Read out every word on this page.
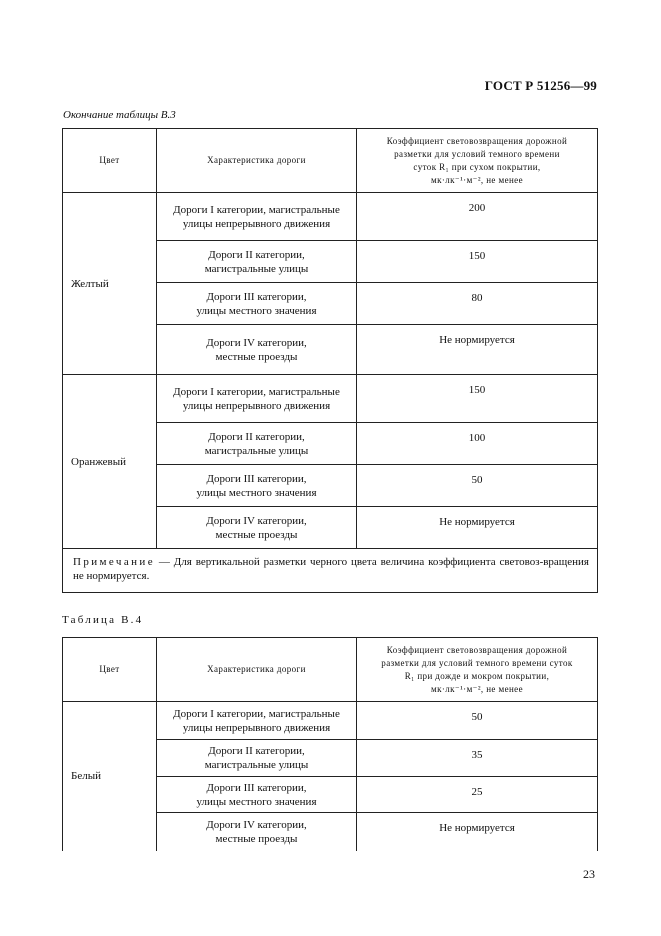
ГОСТ Р 51256—99
Окончание таблицы В.3
Цвет	Характеристика дороги	Коэффициент световозвращения дорожной
разметки для условий темного времени
суток R₁ при сухом покрытии,
мк·лк⁻¹·м⁻², не менее
Желтый	Дороги I категории, магистральные
улицы непрерывного движения	200
	Дороги II категории,
магистральные улицы	150
	Дороги III категории,
улицы местного значения	80
	Дороги IV категории,
местные проезды	Не нормируется
Оранжевый	Дороги I категории, магистральные
улицы непрерывного движения	150
	Дороги II категории,
магистральные улицы	100
	Дороги III категории,
улицы местного значения	50
	Дороги IV категории,
местные проезды	Не нормируется
Примечание — Для вертикальной разметки черного цвета величина коэффициента световоз-вращения не нормируется.		
Таблица В.4
Цвет	Характеристика дороги	Коэффициент световозвращения дорожной
разметки для условий темного времени суток
R₁ при дожде и мокром покрытии,
мк·лк⁻¹·м⁻², не менее
Белый	Дороги I категории, магистральные
улицы непрерывного движения	50
	Дороги II категории,
магистральные улицы	35
	Дороги III категории,
улицы местного значения	25
	Дороги IV категории,
местные проезды	Не нормируется
23
